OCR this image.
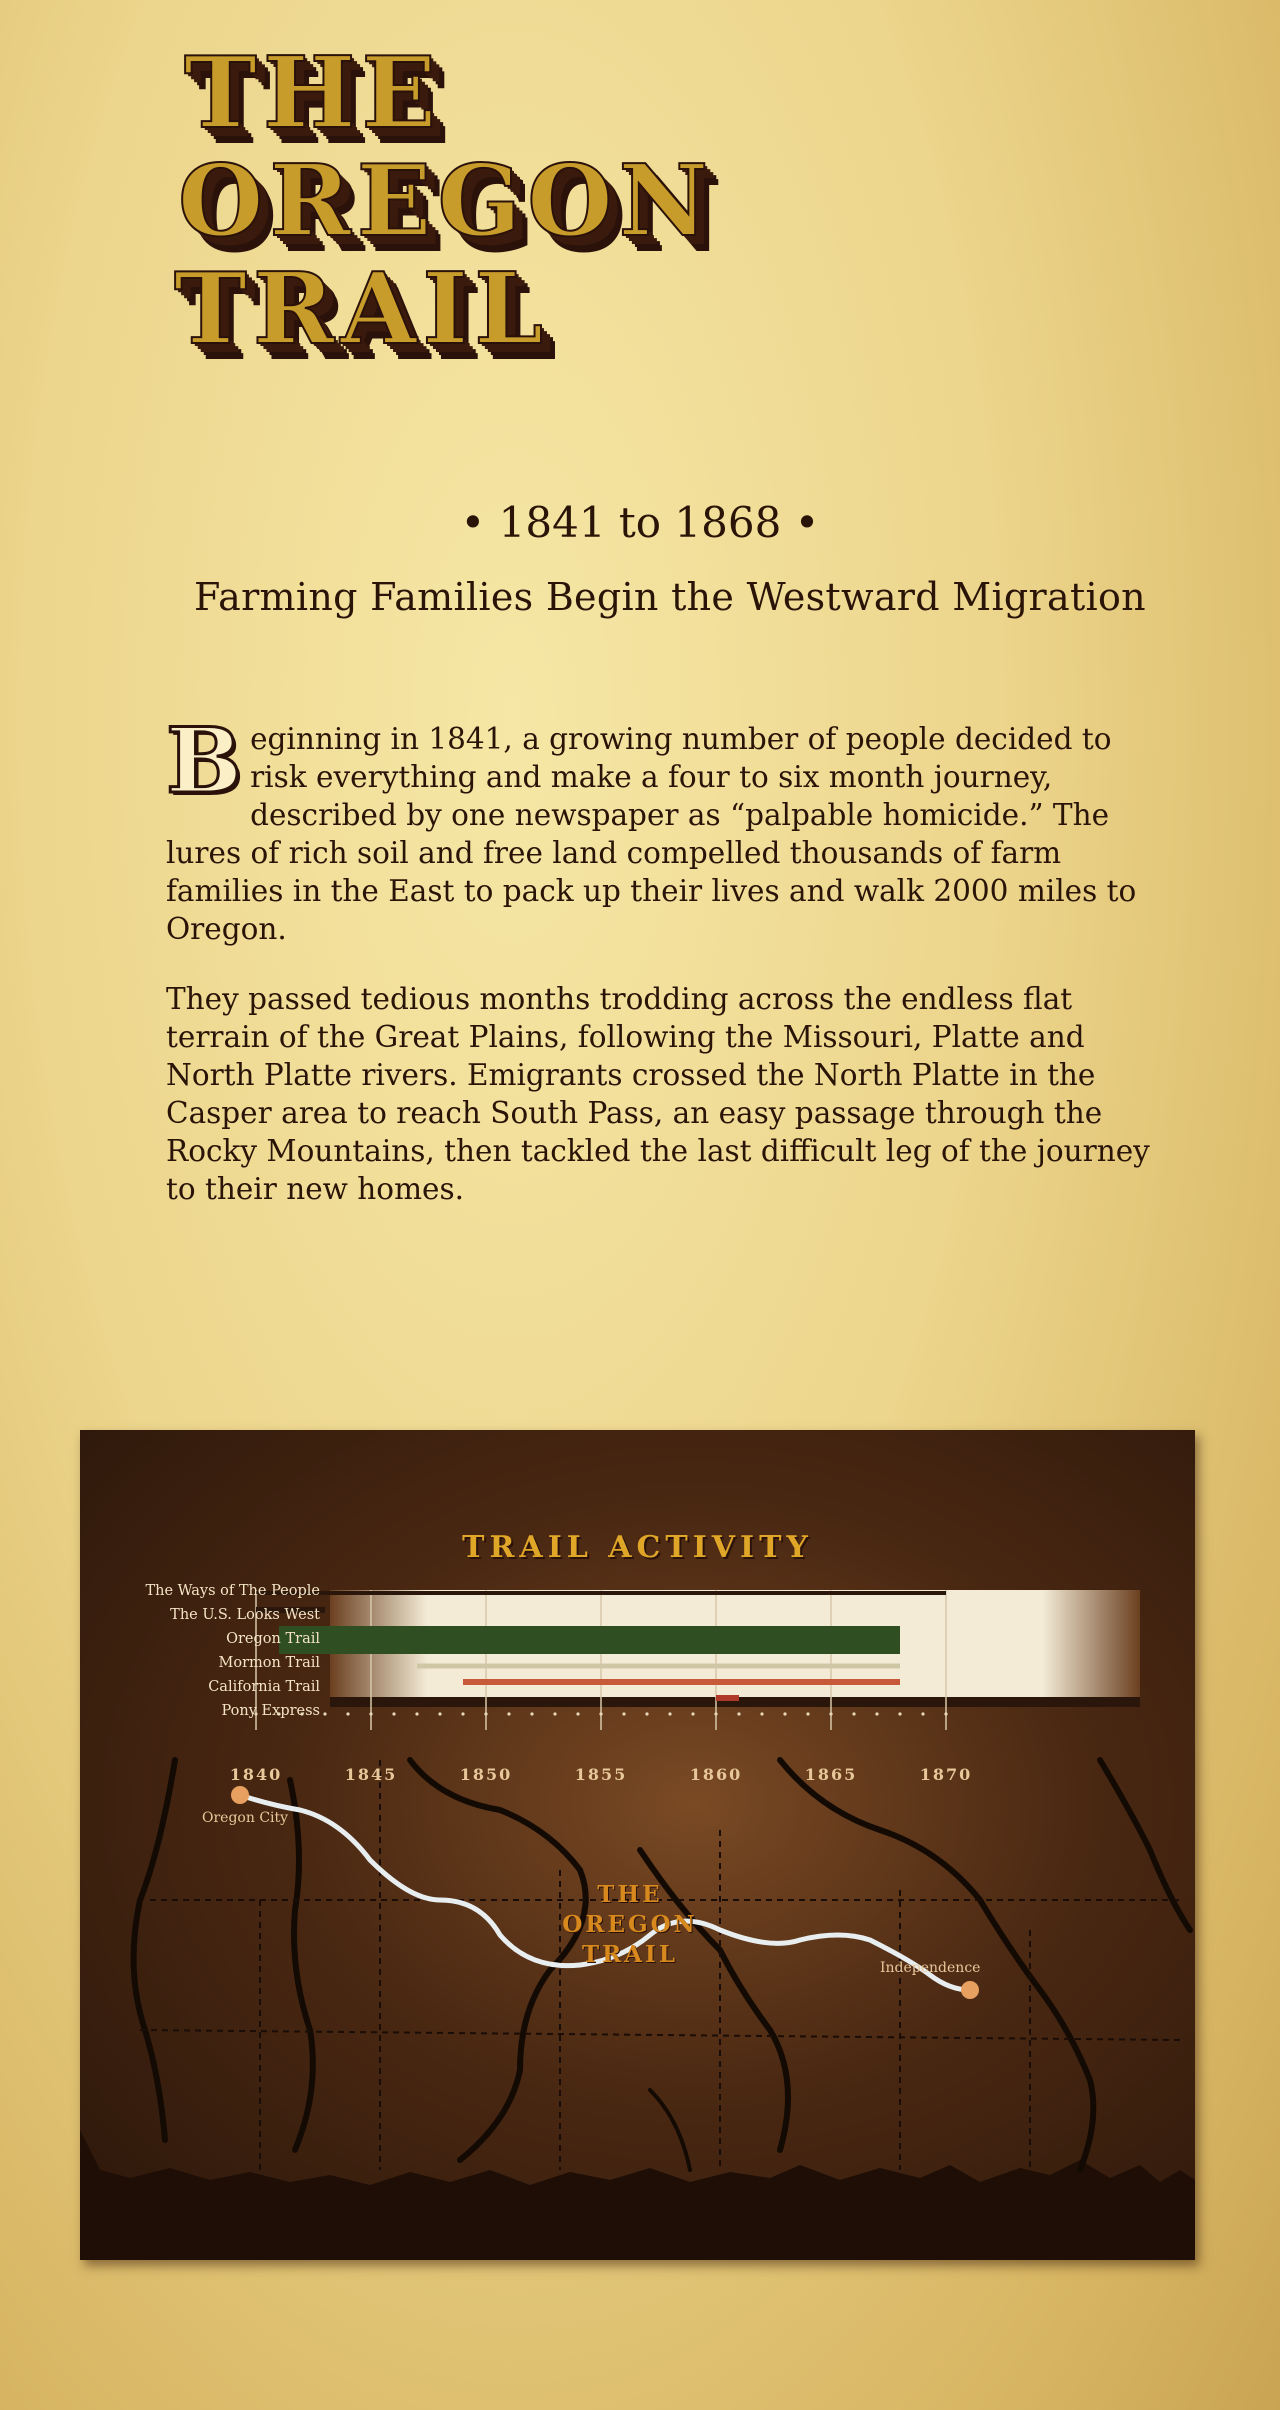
THE
OREGON
TRAIL
• 1841 to 1868 •
Farming Families Begin the Westward Migration

Beginning in 1841, a growing number of people decided to risk everything and make a four to six month journey, described by one newspaper as “palpable homicide.” The lures of rich soil and free land compelled thousands of farm families in the East to pack up their lives and walk 2000 miles to Oregon.

They passed tedious months trodding across the endless flat terrain of the Great Plains, following the Missouri, Platte and North Platte rivers. Emigrants crossed the North Platte in the Casper area to reach South Pass, an easy passage through the Rocky Mountains, then tackled the last difficult leg of the journey to their new homes.

TRAIL ACTIVITY
The Ways of The People
The U.S. Looks West
Oregon Trail
Mormon Trail
California Trail
Pony Express
1840	1845	1850	1855	1860	1865	1870
THE
OREGON
TRAIL
Oregon City
Independence
